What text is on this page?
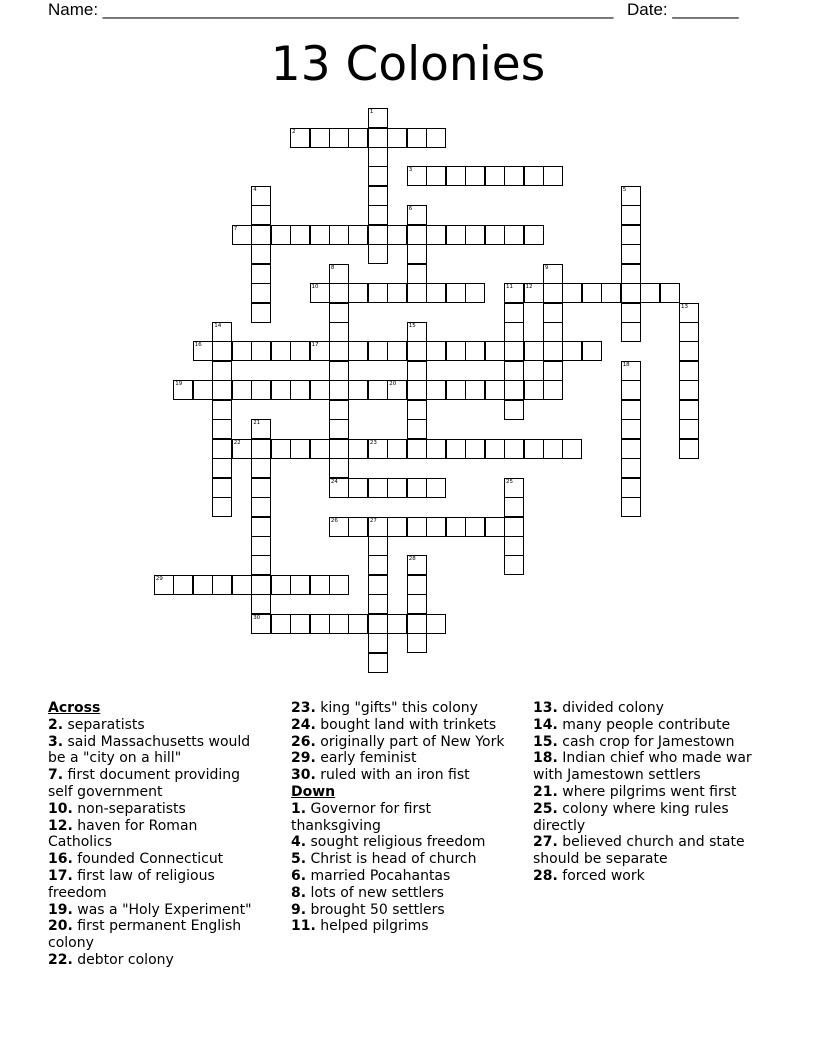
Name: ______________________________________________________ Date: _______
13 Colonies
1
2
3
4	5
6
7
8
24
9
10	11 12
13
14	15
16	17
18
19	20
21
22	23
25
26	27
28
29
30
Across
2. separatists
3. said Massachusetts would be a "city on a hill"
7. first document providing self government
10. non-separatists
12. haven for Roman Catholics
16. founded Connecticut
17. first law of religious freedom
19. was a "Holy Experiment"
20. first permanent English colony
22. debtor colony
23. king "gifts" this colony
24. bought land with trinkets
26. originally part of New York
29. early feminist
30. ruled with an iron fist
Down
1. Governor for first thanksgiving
4. sought religious freedom
5. Christ is head of church
6. married Pocahantas
8. lots of new settlers
9. brought 50 settlers
11. helped pilgrims
13. divided colony
14. many people contribute
15. cash crop for Jamestown
18. Indian chief who made war with Jamestown settlers
21. where pilgrims went first
25. colony where king rules directly
27. believed church and state should be separate
28. forced work
